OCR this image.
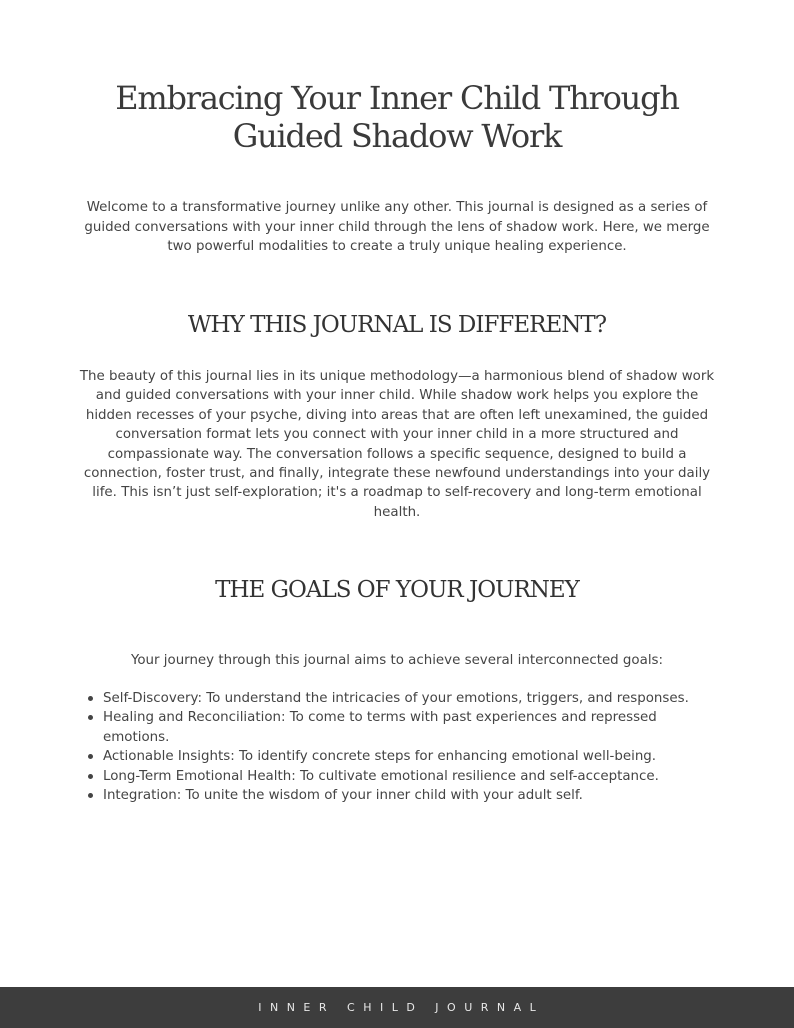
Embracing Your Inner Child Through
Guided Shadow Work

Welcome to a transformative journey unlike any other. This journal is designed as a series of guided conversations with your inner child through the lens of shadow work. Here, we merge two powerful modalities to create a truly unique healing experience.

WHY THIS JOURNAL IS DIFFERENT?

The beauty of this journal lies in its unique methodology—a harmonious blend of shadow work and guided conversations with your inner child. While shadow work helps you explore the hidden recesses of your psyche, diving into areas that are often left unexamined, the guided conversation format lets you connect with your inner child in a more structured and compassionate way. The conversation follows a specific sequence, designed to build a connection, foster trust, and finally, integrate these newfound understandings into your daily life. This isn’t just self-exploration; it's a roadmap to self-recovery and long-term emotional health.

THE GOALS OF YOUR JOURNEY

Your journey through this journal aims to achieve several interconnected goals:

Self-Discovery: To understand the intricacies of your emotions, triggers, and responses.
Healing and Reconciliation: To come to terms with past experiences and repressed emotions.
Actionable Insights: To identify concrete steps for enhancing emotional well-being.
Long-Term Emotional Health: To cultivate emotional resilience and self-acceptance.
Integration: To unite the wisdom of your inner child with your adult self.
INNER CHILD JOURNAL
